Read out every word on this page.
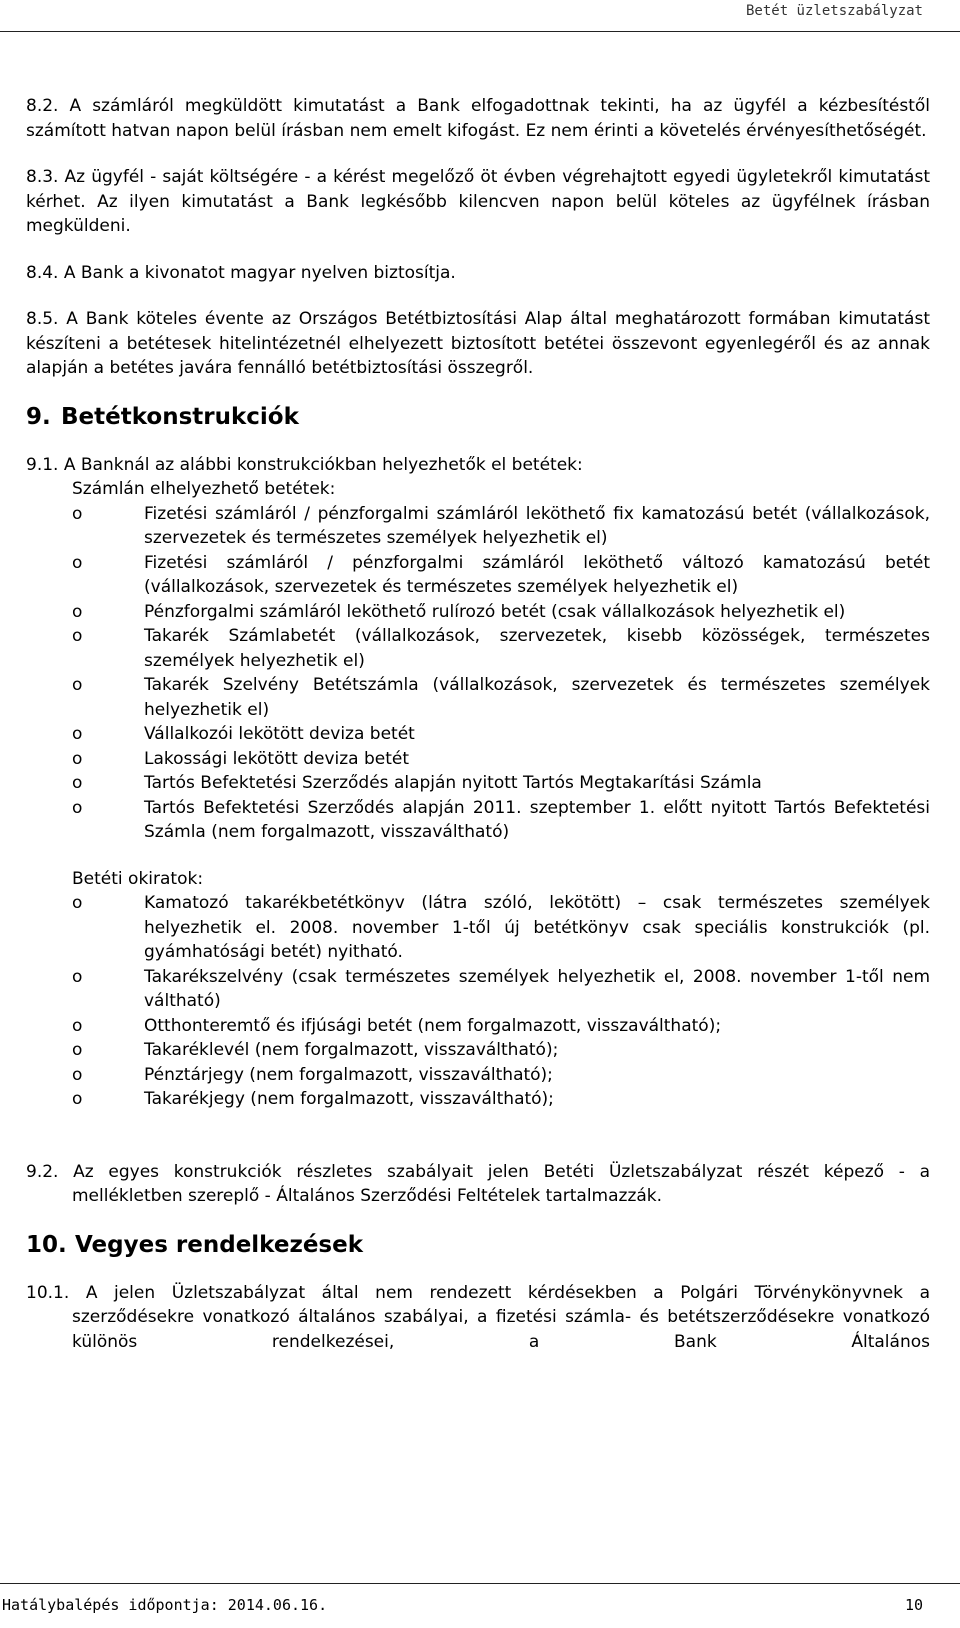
Betét üzletszabályzat

8.2. A számláról megküldött kimutatást a Bank elfogadottnak tekinti, ha az ügyfél a kézbesítéstől számított hatvan napon belül írásban nem emelt kifogást. Ez nem érinti a követelés érvényesíthetőségét.

8.3. Az ügyfél - saját költségére - a kérést megelőző öt évben végrehajtott egyedi ügyletekről kimutatást kérhet. Az ilyen kimutatást a Bank legkésőbb kilencven napon belül köteles az ügyfélnek írásban megküldeni.

8.4. A Bank a kivonatot magyar nyelven biztosítja.

8.5. A Bank köteles évente az Országos Betétbiztosítási Alap által meghatározott formában kimutatást készíteni a betétesek hitelintézetnél elhelyezett biztosított betétei összevont egyenlegéről és az annak alapján a betétes javára fennálló betétbiztosítási összegről.

9. Betétkonstrukciók

9.1. A Banknál az alábbi konstrukciókban helyezhetők el betétek:

Számlán elhelyezhető betétek:
o	Fizetési számláról / pénzforgalmi számláról leköthető fix kamatozású betét (vállalkozások, szervezetek és természetes személyek helyezhetik el)
o	Fizetési számláról / pénzforgalmi számláról leköthető változó kamatozású betét (vállalkozások, szervezetek és természetes személyek helyezhetik el)
o	Pénzforgalmi számláról leköthető rulírozó betét (csak vállalkozások helyezhetik el)
o	Takarék Számlabetét (vállalkozások, szervezetek, kisebb közösségek, természetes személyek helyezhetik el)
o	Takarék Szelvény Betétszámla (vállalkozások, szervezetek és természetes személyek helyezhetik el)
o	Vállalkozói lekötött deviza betét
o	Lakossági lekötött deviza betét
o	Tartós Befektetési Szerződés alapján nyitott Tartós Megtakarítási Számla
o	Tartós Befektetési Szerződés alapján 2011. szeptember 1. előtt nyitott Tartós Befektetési Számla (nem forgalmazott, visszaváltható)
Betéti okiratok:
o	Kamatozó takarékbetétkönyv (látra szóló, lekötött) – csak természetes személyek helyezhetik el. 2008. november 1-től új betétkönyv csak speciális konstrukciók (pl. gyámhatósági betét) nyitható.
o	Takarékszelvény (csak természetes személyek helyezhetik el, 2008. november 1-től nem váltható)
o	Otthonteremtő és ifjúsági betét (nem forgalmazott, visszaváltható);
o	Takaréklevél (nem forgalmazott, visszaváltható);
o	Pénztárjegy (nem forgalmazott, visszaváltható);
o	Takarékjegy (nem forgalmazott, visszaváltható);

9.2. Az egyes konstrukciók részletes szabályait jelen Betéti Üzletszabályzat részét képező - a mellékletben szereplő - Általános Szerződési Feltételek tartalmazzák.

10. Vegyes rendelkezések

10.1. A jelen Üzletszabályzat által nem rendezett kérdésekben a Polgári Törvénykönyvnek a szerződésekre vonatkozó általános szabályai, a fizetési számla- és betétszerződésekre vonatkozó különös rendelkezései, a Bank Általános

Hatálybalépés időpontja: 2014.06.16.	10
